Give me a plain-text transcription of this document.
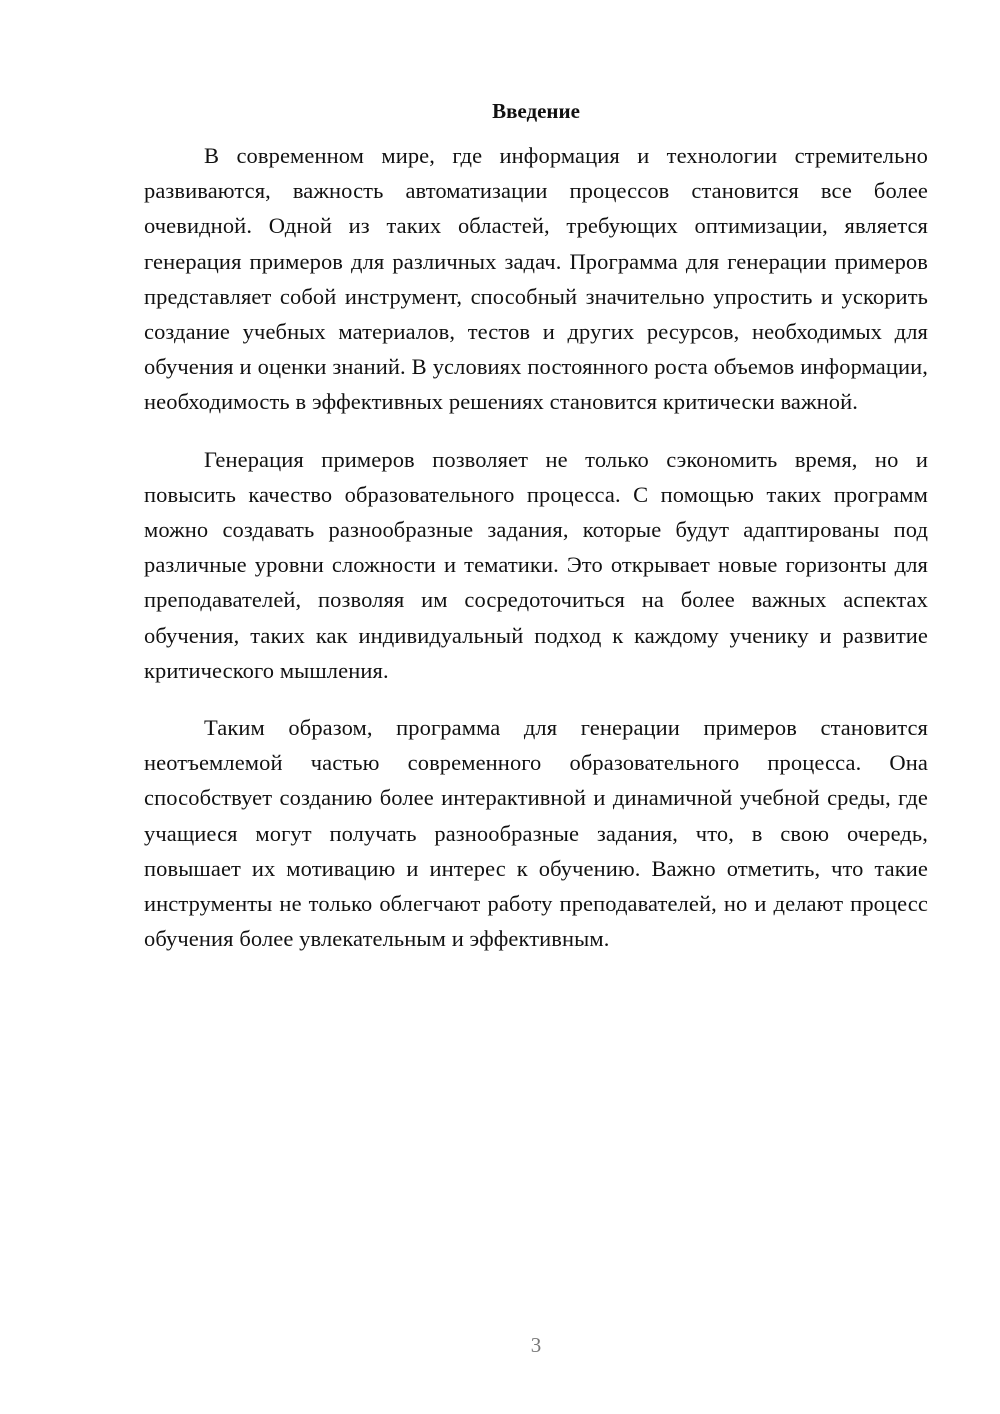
Введение

В современном мире, где информация и технологии стремительно развиваются, важность автоматизации процессов становится все более очевидной. Одной из таких областей, требующих оптимизации, является генерация примеров для различных задач. Программа для генерации примеров представляет собой инструмент, способный значительно упростить и ускорить создание учебных материалов, тестов и других ресурсов, необходимых для обучения и оценки знаний. В условиях постоянного роста объемов информации, необходимость в эффективных решениях становится критически важной.

Генерация примеров позволяет не только сэкономить время, но и повысить качество образовательного процесса. С помощью таких программ можно создавать разнообразные задания, которые будут адаптированы под различные уровни сложности и тематики. Это открывает новые горизонты для преподавателей, позволяя им сосредоточиться на более важных аспектах обучения, таких как индивидуальный подход к каждому ученику и развитие критического мышления.

Таким образом, программа для генерации примеров становится неотъемлемой частью современного образовательного процесса. Она способствует созданию более интерактивной и динамичной учебной среды, где учащиеся могут получать разнообразные задания, что, в свою очередь, повышает их мотивацию и интерес к обучению. Важно отметить, что такие инструменты не только облегчают работу преподавателей, но и делают процесс обучения более увлекательным и эффективным.

3
